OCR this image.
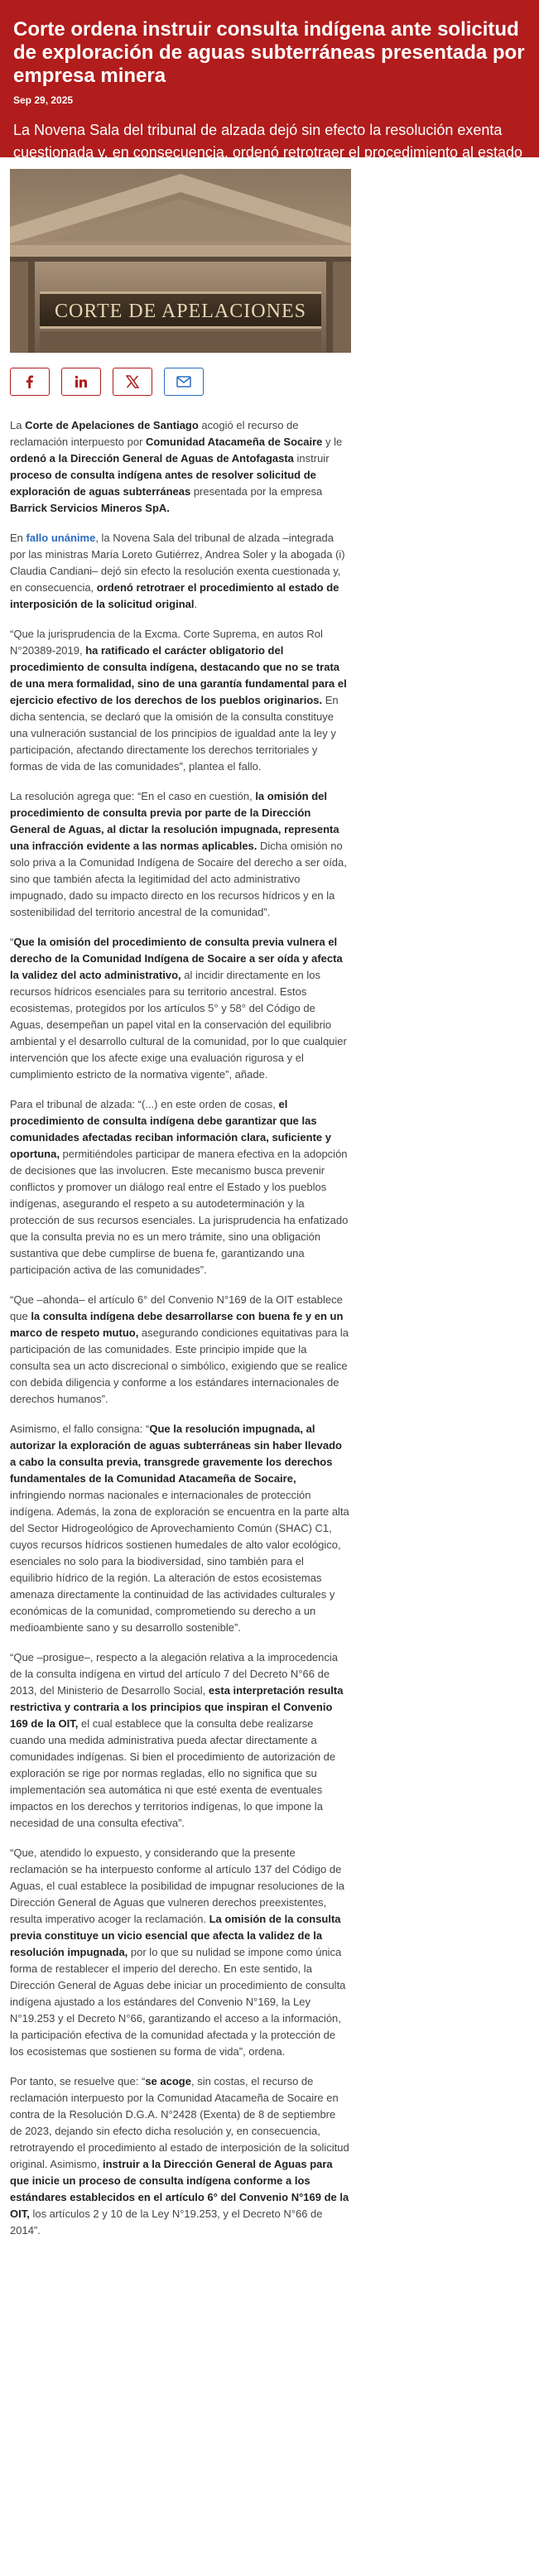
Corte ordena instruir consulta indígena ante solicitud de exploración de aguas subterráneas presentada por empresa minera
Sep 29, 2025
La Novena Sala del tribunal de alzada dejó sin efecto la resolución exenta cuestionada y, en consecuencia, ordenó retrotraer el procedimiento al estado
CORTE DE APELACIONES

La Corte de Apelaciones de Santiago acogió el recurso de reclamación interpuesto por Comunidad Atacameña de Socaire y le ordenó a la Dirección General de Aguas de Antofagasta instruir proceso de consulta indígena antes de resolver solicitud de exploración de aguas subterráneas presentada por la empresa Barrick Servicios Mineros SpA.

En fallo unánime, la Novena Sala del tribunal de alzada –integrada por las ministras María Loreto Gutiérrez, Andrea Soler y la abogada (i) Claudia Candiani– dejó sin efecto la resolución exenta cuestionada y, en consecuencia, ordenó retrotraer el procedimiento al estado de interposición de la solicitud original.

“Que la jurisprudencia de la Excma. Corte Suprema, en autos Rol N°20389-2019, ha ratificado el carácter obligatorio del procedimiento de consulta indígena, destacando que no se trata de una mera formalidad, sino de una garantía fundamental para el ejercicio efectivo de los derechos de los pueblos originarios. En dicha sentencia, se declaró que la omisión de la consulta constituye una vulneración sustancial de los principios de igualdad ante la ley y participación, afectando directamente los derechos territoriales y formas de vida de las comunidades”, plantea el fallo.

La resolución agrega que: “En el caso en cuestión, la omisión del procedimiento de consulta previa por parte de la Dirección General de Aguas, al dictar la resolución impugnada, representa una infracción evidente a las normas aplicables. Dicha omisión no solo priva a la Comunidad Indígena de Socaire del derecho a ser oída, sino que también afecta la legitimidad del acto administrativo impugnado, dado su impacto directo en los recursos hídricos y en la sostenibilidad del territorio ancestral de la comunidad”.

“Que la omisión del procedimiento de consulta previa vulnera el derecho de la Comunidad Indígena de Socaire a ser oída y afecta la validez del acto administrativo, al incidir directamente en los recursos hídricos esenciales para su territorio ancestral. Estos ecosistemas, protegidos por los artículos 5° y 58° del Código de Aguas, desempeñan un papel vital en la conservación del equilibrio ambiental y el desarrollo cultural de la comunidad, por lo que cualquier intervención que los afecte exige una evaluación rigurosa y el cumplimiento estricto de la normativa vigente”, añade.

Para el tribunal de alzada: “(...) en este orden de cosas, el procedimiento de consulta indígena debe garantizar que las comunidades afectadas reciban información clara, suficiente y oportuna, permitiéndoles participar de manera efectiva en la adopción de decisiones que las involucren. Este mecanismo busca prevenir conflictos y promover un diálogo real entre el Estado y los pueblos indígenas, asegurando el respeto a su autodeterminación y la protección de sus recursos esenciales. La jurisprudencia ha enfatizado que la consulta previa no es un mero trámite, sino una obligación sustantiva que debe cumplirse de buena fe, garantizando una participación activa de las comunidades”.

“Que –ahonda– el artículo 6° del Convenio N°169 de la OIT establece que la consulta indígena debe desarrollarse con buena fe y en un marco de respeto mutuo, asegurando condiciones equitativas para la participación de las comunidades. Este principio impide que la consulta sea un acto discrecional o simbólico, exigiendo que se realice con debida diligencia y conforme a los estándares internacionales de derechos humanos”.

Asimismo, el fallo consigna: “Que la resolución impugnada, al autorizar la exploración de aguas subterráneas sin haber llevado a cabo la consulta previa, transgrede gravemente los derechos fundamentales de la Comunidad Atacameña de Socaire, infringiendo normas nacionales e internacionales de protección indígena. Además, la zona de exploración se encuentra en la parte alta del Sector Hidrogeológico de Aprovechamiento Común (SHAC) C1, cuyos recursos hídricos sostienen humedales de alto valor ecológico, esenciales no solo para la biodiversidad, sino también para el equilibrio hídrico de la región. La alteración de estos ecosistemas amenaza directamente la continuidad de las actividades culturales y económicas de la comunidad, comprometiendo su derecho a un medioambiente sano y su desarrollo sostenible”.

“Que –prosigue–, respecto a la alegación relativa a la improcedencia de la consulta indígena en virtud del artículo 7 del Decreto N°66 de 2013, del Ministerio de Desarrollo Social, esta interpretación resulta restrictiva y contraria a los principios que inspiran el Convenio 169 de la OIT, el cual establece que la consulta debe realizarse cuando una medida administrativa pueda afectar directamente a comunidades indígenas. Si bien el procedimiento de autorización de exploración se rige por normas regladas, ello no significa que su implementación sea automática ni que esté exenta de eventuales impactos en los derechos y territorios indígenas, lo que impone la necesidad de una consulta efectiva”.

“Que, atendido lo expuesto, y considerando que la presente reclamación se ha interpuesto conforme al artículo 137 del Código de Aguas, el cual establece la posibilidad de impugnar resoluciones de la Dirección General de Aguas que vulneren derechos preexistentes, resulta imperativo acoger la reclamación. La omisión de la consulta previa constituye un vicio esencial que afecta la validez de la resolución impugnada, por lo que su nulidad se impone como única forma de restablecer el imperio del derecho. En este sentido, la Dirección General de Aguas debe iniciar un procedimiento de consulta indígena ajustado a los estándares del Convenio N°169, la Ley N°19.253 y el Decreto N°66, garantizando el acceso a la información, la participación efectiva de la comunidad afectada y la protección de los ecosistemas que sostienen su forma de vida”, ordena.

Por tanto, se resuelve que: “se acoge, sin costas, el recurso de reclamación interpuesto por la Comunidad Atacameña de Socaire en contra de la Resolución D.G.A. N°2428 (Exenta) de 8 de septiembre de 2023, dejando sin efecto dicha resolución y, en consecuencia, retrotrayendo el procedimiento al estado de interposición de la solicitud original. Asimismo, instruir a la Dirección General de Aguas para que inicie un proceso de consulta indígena conforme a los estándares establecidos en el artículo 6° del Convenio N°169 de la OIT, los artículos 2 y 10 de la Ley N°19.253, y el Decreto N°66 de 2014”.
